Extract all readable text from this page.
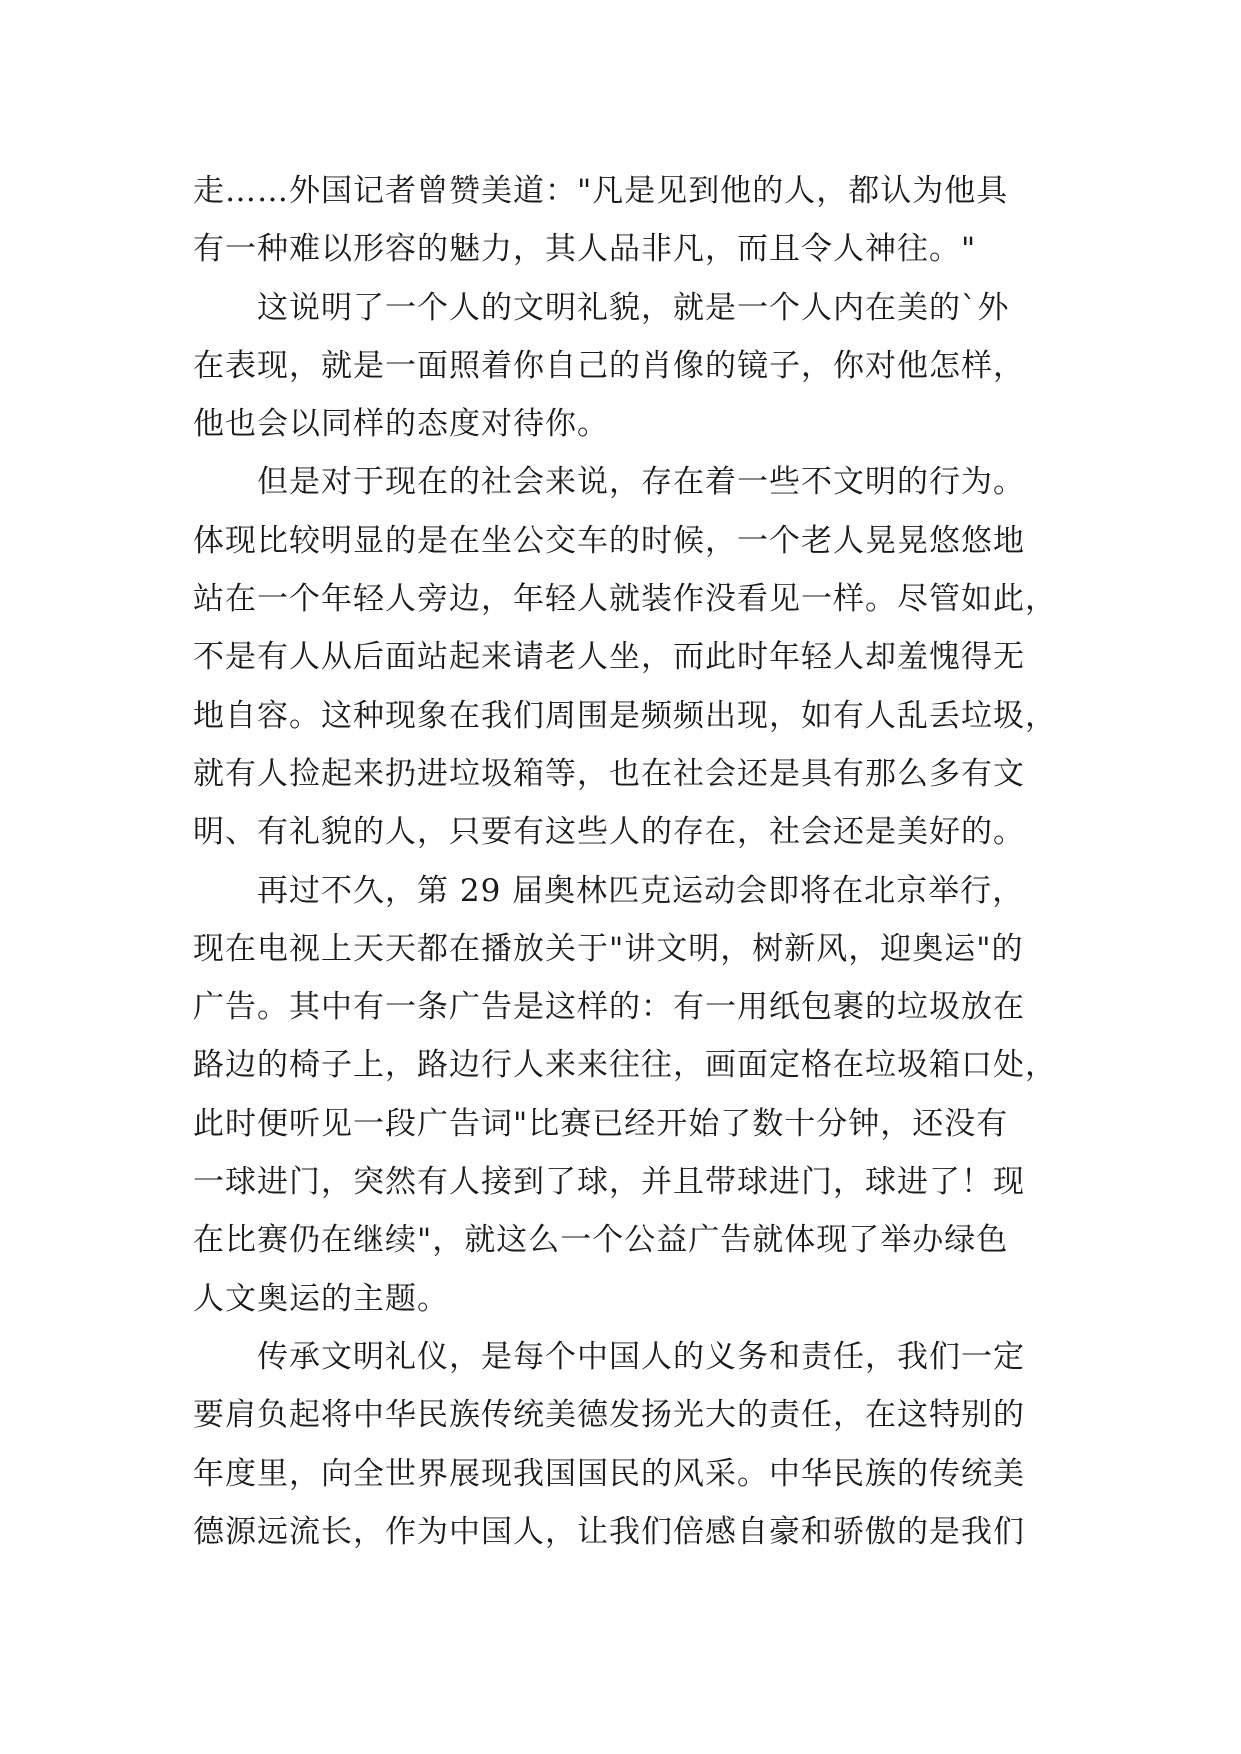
走……外国记者曾赞美道："凡是见到他的人，都认为他具
有一种难以形容的魅力，其人品非凡，而且令人神往。"
这说明了一个人的文明礼貌，就是一个人内在美的`外
在表现，就是一面照着你自己的肖像的镜子，你对他怎样，
他也会以同样的态度对待你。
但是对于现在的社会来说，存在着一些不文明的行为。
体现比较明显的是在坐公交车的时候，一个老人晃晃悠悠地
站在一个年轻人旁边，年轻人就装作没看见一样。尽管如此，
不是有人从后面站起来请老人坐，而此时年轻人却羞愧得无
地自容。这种现象在我们周围是频频出现，如有人乱丢垃圾，
就有人捡起来扔进垃圾箱等，也在社会还是具有那么多有文
明、有礼貌的人，只要有这些人的存在，社会还是美好的。
再过不久，第 29 届奥林匹克运动会即将在北京举行，
现在电视上天天都在播放关于"讲文明，树新风，迎奥运"的
广告。其中有一条广告是这样的：有一用纸包裹的垃圾放在
路边的椅子上，路边行人来来往往，画面定格在垃圾箱口处，
此时便听见一段广告词"比赛已经开始了数十分钟，还没有
一球进门，突然有人接到了球，并且带球进门，球进了！现
在比赛仍在继续"，就这么一个公益广告就体现了举办绿色
人文奥运的主题。
传承文明礼仪，是每个中国人的义务和责任，我们一定
要肩负起将中华民族传统美德发扬光大的责任，在这特别的
年度里，向全世界展现我国国民的风采。中华民族的传统美
德源远流长，作为中国人，让我们倍感自豪和骄傲的是我们
